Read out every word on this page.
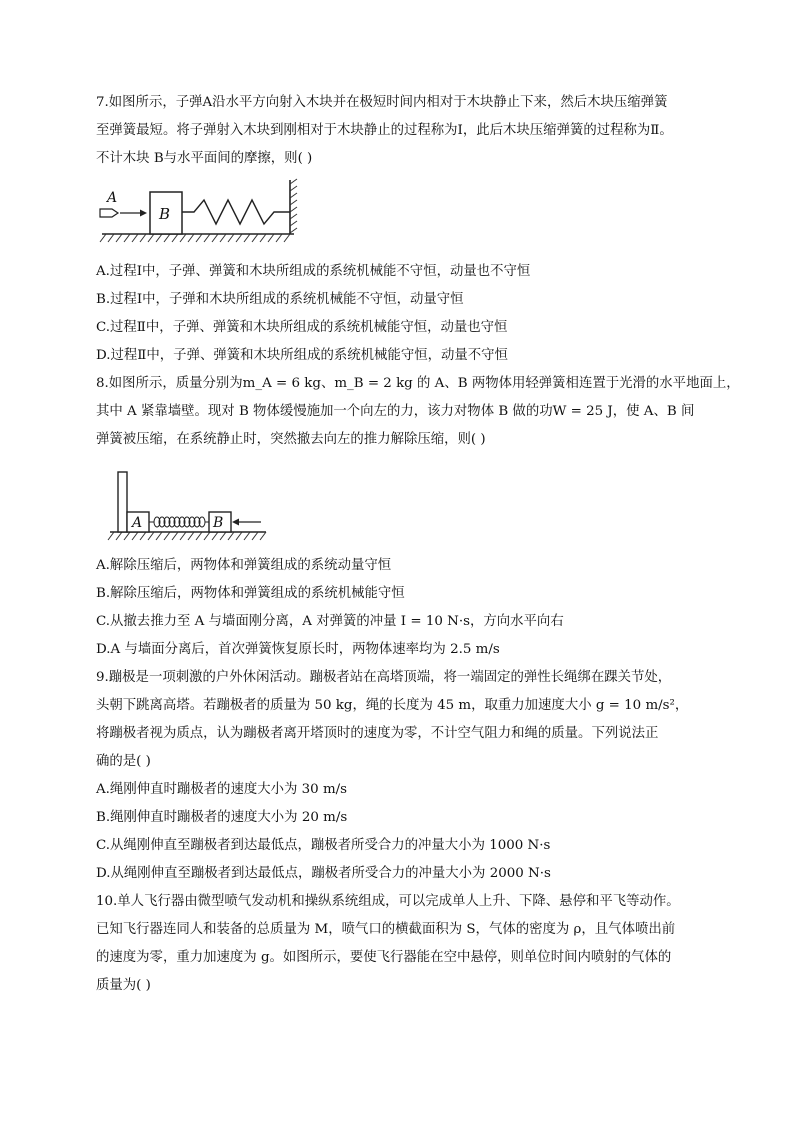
7.如图所示，子弹A沿水平方向射入木块并在极短时间内相对于木块静止下来，然后木块压缩弹簧
至弹簧最短。将子弹射入木块到刚相对于木块静止的过程称为Ⅰ，此后木块压缩弹簧的过程称为Ⅱ。
不计木块 B与水平面间的摩擦，则( )
B
A
A.过程Ⅰ中，子弹、弹簧和木块所组成的系统机械能不守恒，动量也不守恒
B.过程Ⅰ中，子弹和木块所组成的系统机械能不守恒，动量守恒
C.过程Ⅱ中，子弹、弹簧和木块所组成的系统机械能守恒，动量也守恒
D.过程Ⅱ中，子弹、弹簧和木块所组成的系统机械能守恒，动量不守恒
8.如图所示，质量分别为m_A = 6 kg、m_B = 2 kg 的 A、B 两物体用轻弹簧相连置于光滑的水平地面上，
其中 A 紧靠墙壁。现对 B 物体缓慢施加一个向左的力，该力对物体 B 做的功W = 25 J，使 A、B 间
弹簧被压缩，在系统静止时，突然撤去向左的推力解除压缩，则( )
A	B
A.解除压缩后，两物体和弹簧组成的系统动量守恒
B.解除压缩后，两物体和弹簧组成的系统机械能守恒
C.从撤去推力至 A 与墙面刚分离，A 对弹簧的冲量 I = 10 N·s，方向水平向右
D.A 与墙面分离后，首次弹簧恢复原长时，两物体速率均为 2.5 m/s
9.蹦极是一项刺激的户外休闲活动。蹦极者站在高塔顶端，将一端固定的弹性长绳绑在踝关节处，
头朝下跳离高塔。若蹦极者的质量为 50 kg，绳的长度为 45 m，取重力加速度大小 g = 10 m/s²，
将蹦极者视为质点，认为蹦极者离开塔顶时的速度为零，不计空气阻力和绳的质量。下列说法正
确的是( )
A.绳刚伸直时蹦极者的速度大小为 30 m/s
B.绳刚伸直时蹦极者的速度大小为 20 m/s
C.从绳刚伸直至蹦极者到达最低点，蹦极者所受合力的冲量大小为 1000 N·s
D.从绳刚伸直至蹦极者到达最低点，蹦极者所受合力的冲量大小为 2000 N·s
10.单人飞行器由微型喷气发动机和操纵系统组成，可以完成单人上升、下降、悬停和平飞等动作。
已知飞行器连同人和装备的总质量为 M，喷气口的横截面积为 S，气体的密度为 ρ，且气体喷出前
的速度为零，重力加速度为 g。如图所示，要使飞行器能在空中悬停，则单位时间内喷射的气体的
质量为( )
